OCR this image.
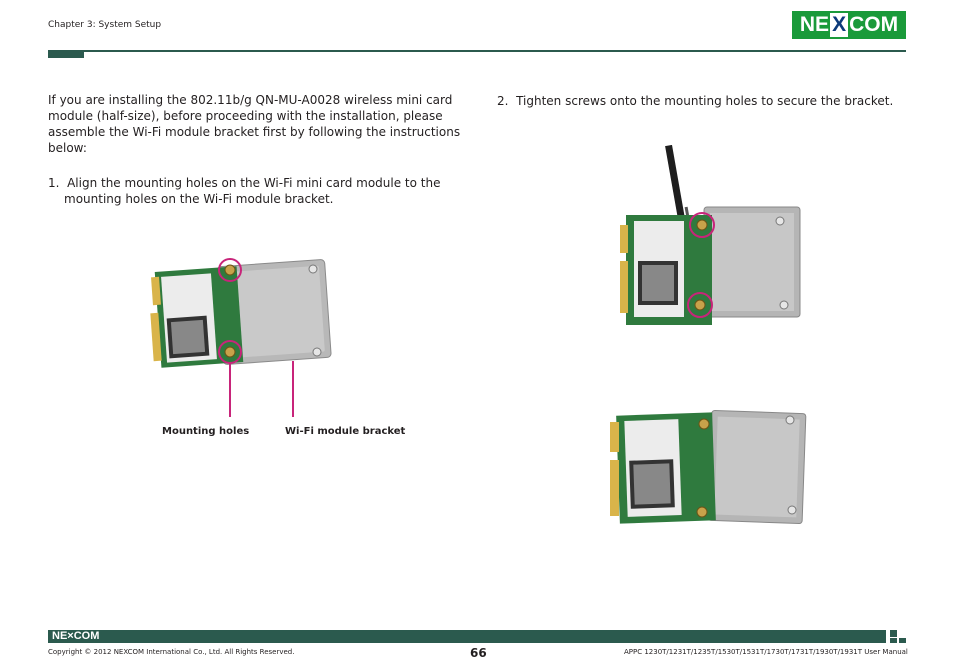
Chapter 3: System Setup	NE X COM
If you are installing the 802.11b/g QN-MU-A0028 wireless mini card module (half-size), before proceeding with the installation, please assemble the Wi-Fi module bracket first by following the instructions below:
1.  Align the mounting holes on the Wi-Fi mini card module to the
mounting holes on the Wi-Fi module bracket.
2.  Tighten screws onto the mounting holes to secure the bracket.
Mounting holes	Wi-Fi module bracket
NE×COM
Copyright © 2012 NEXCOM International Co., Ltd. All Rights Reserved.	66	APPC 1230T/1231T/1235T/1530T/1531T/1730T/1731T/1930T/1931T User Manual
